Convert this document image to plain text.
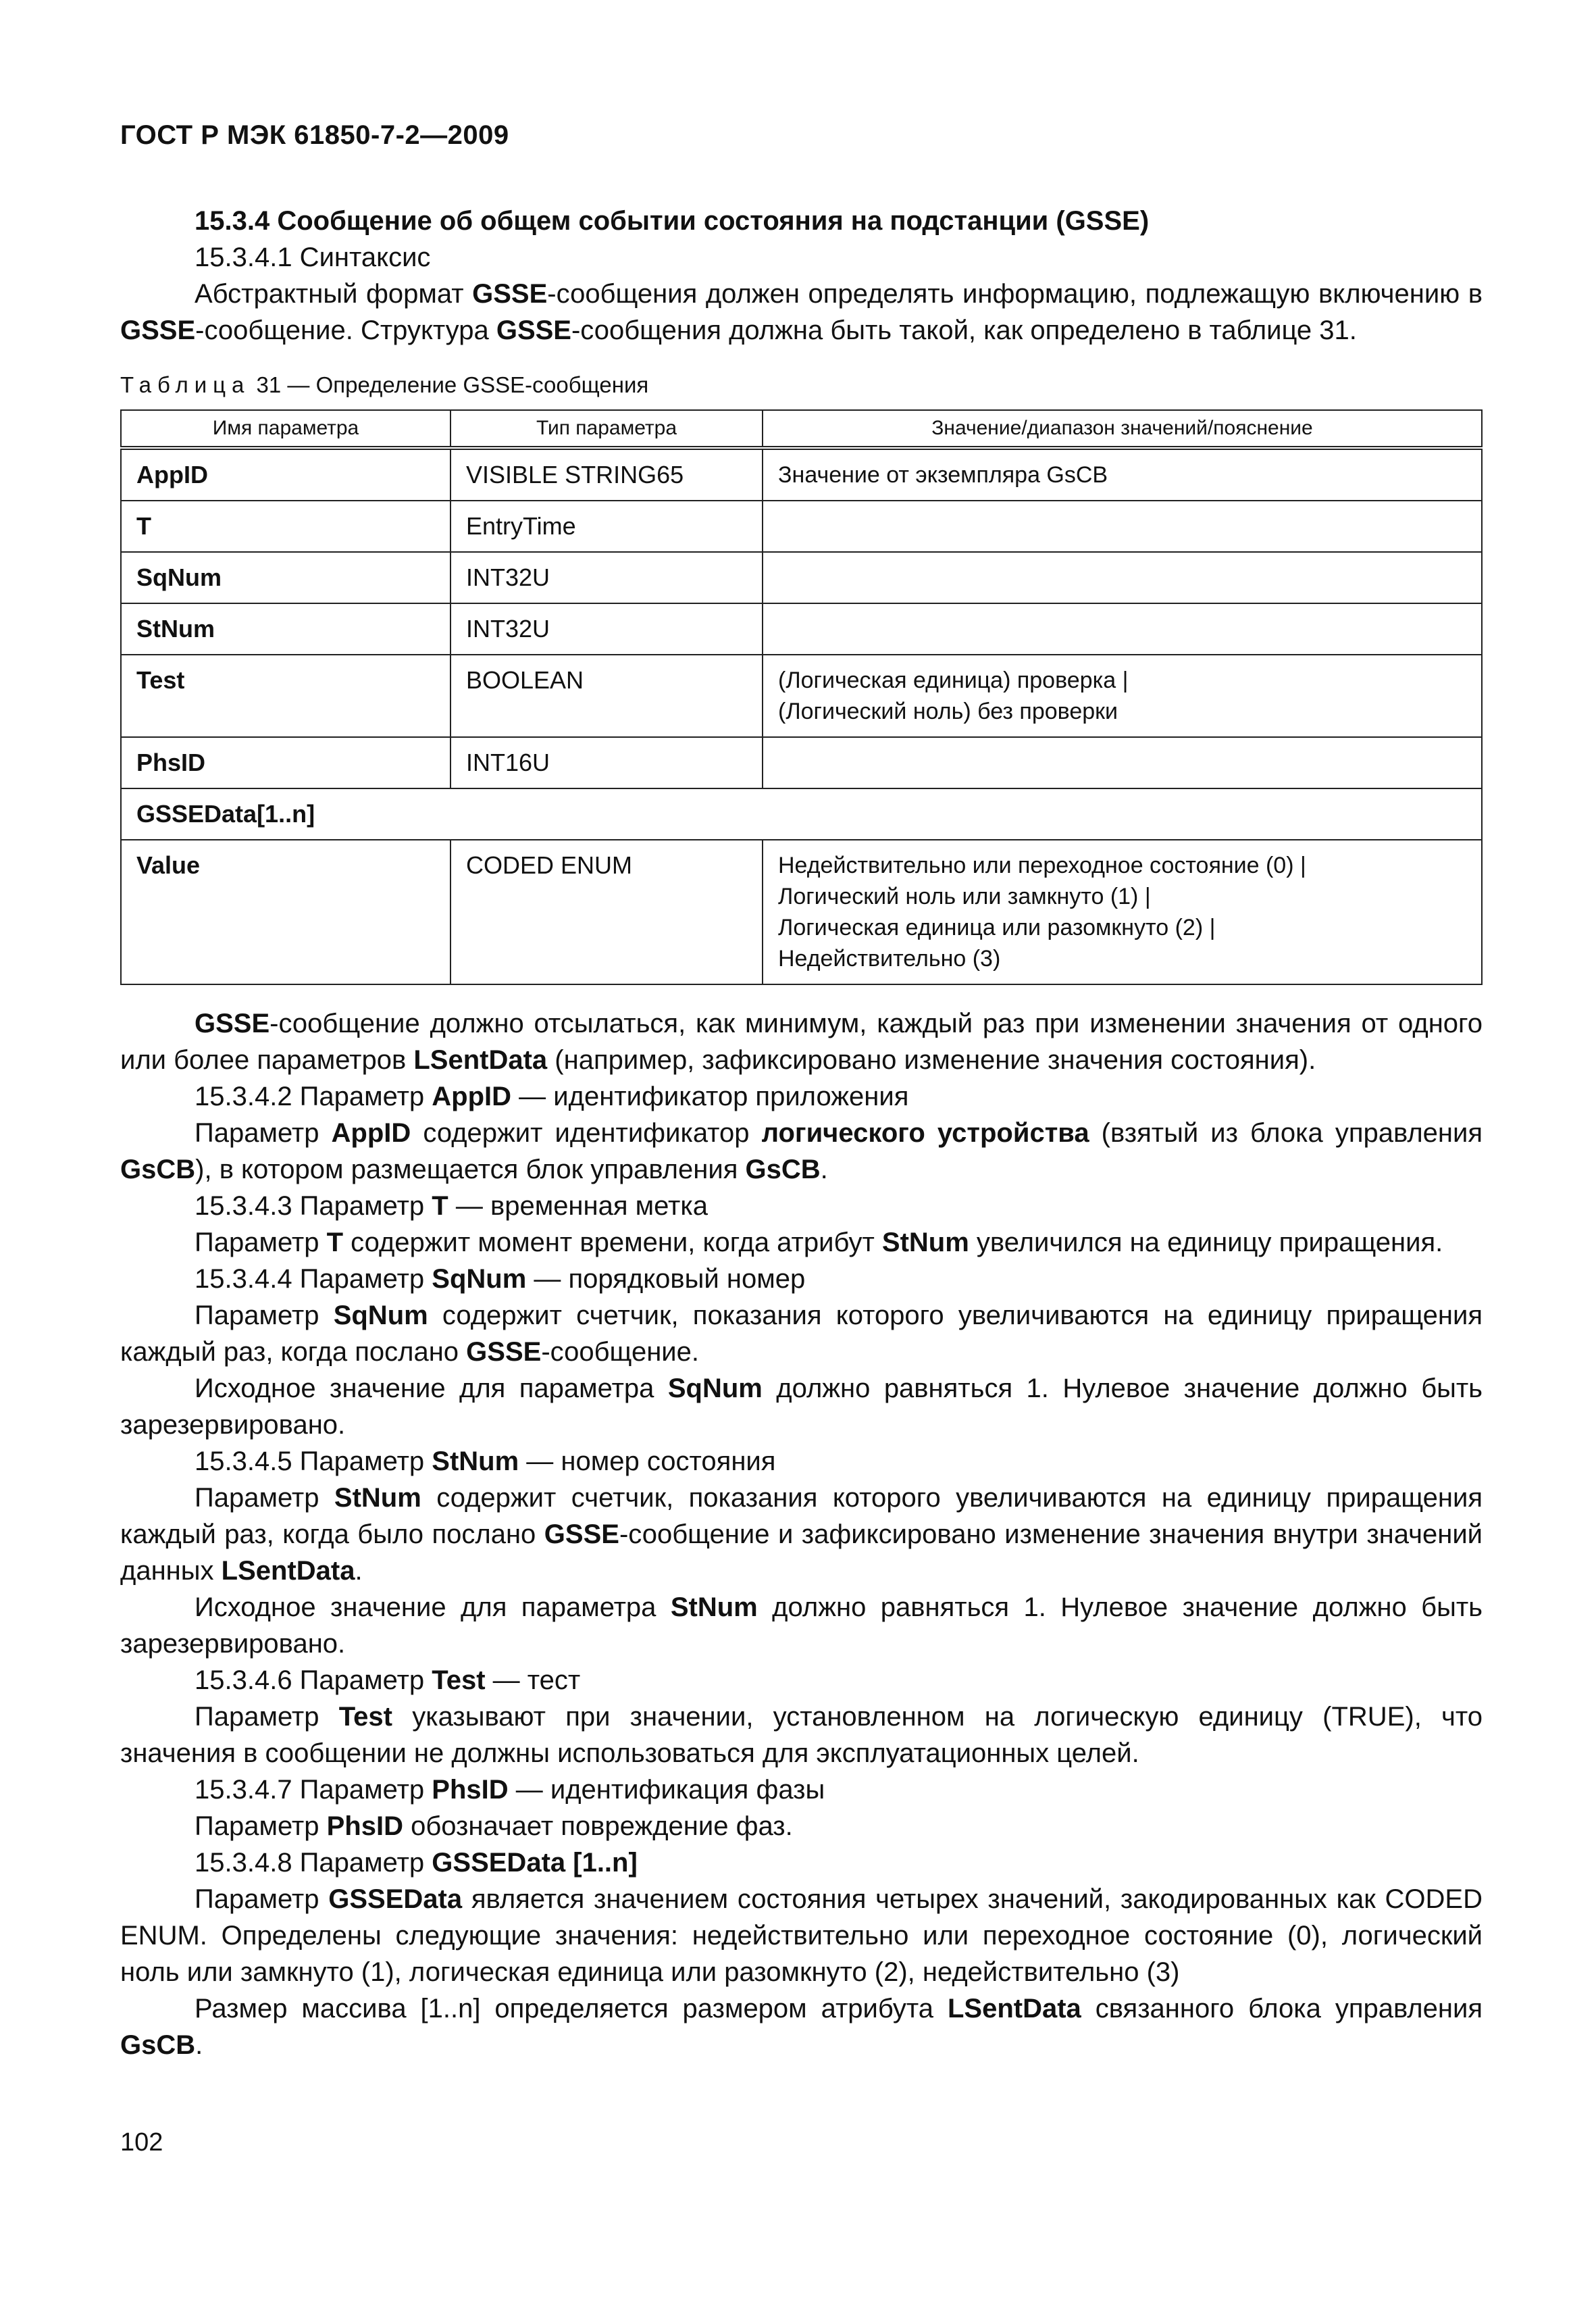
ГОСТ Р МЭК 61850-7-2—2009

15.3.4 Сообщение об общем событии состояния на подстанции (GSSE)

15.3.4.1 Синтаксис

Абстрактный формат GSSE-сообщения должен определять информацию, подлежащую включению в GSSE-сообщение. Структура GSSE-сообщения должна быть такой, как определено в таблице 31.

Таблица 31 — Определение GSSE-сообщения
Имя параметра	Тип параметра	Значение/диапазон значений/пояснение
AppID	VISIBLE STRING65	Значение от экземпляра GsCB

T	EntryTime	
SqNum	INT32U	
StNum	INT32U	
Test	BOOLEAN	(Логическая единица) проверка |
(Логический ноль) без проверки

PhsID	INT16U	
GSSEData[1..n]		
Value	CODED ENUM	Недействительно или переходное состояние (0) |
Логический ноль или замкнуто (1) |
Логическая единица или разомкнуто (2) |
Недействительно (3)

GSSE-сообщение должно отсылаться, как минимум, каждый раз при изменении значения от одного или более параметров LSentData (например, зафиксировано изменение значения состояния).

15.3.4.2 Параметр AppID — идентификатор приложения

Параметр AppID содержит идентификатор логического устройства (взятый из блока управления GsCB), в котором размещается блок управления GsCB.

15.3.4.3 Параметр T — временная метка

Параметр T содержит момент времени, когда атрибут StNum увеличился на единицу приращения.

15.3.4.4 Параметр SqNum — порядковый номер

Параметр SqNum содержит счетчик, показания которого увеличиваются на единицу приращения каждый раз, когда послано GSSE-сообщение.

Исходное значение для параметра SqNum должно равняться 1. Нулевое значение должно быть зарезервировано.

15.3.4.5 Параметр StNum — номер состояния

Параметр StNum содержит счетчик, показания которого увеличиваются на единицу приращения каждый раз, когда было послано GSSE-сообщение и зафиксировано изменение значения внутри значений данных LSentData.

Исходное значение для параметра StNum должно равняться 1. Нулевое значение должно быть зарезервировано.

15.3.4.6 Параметр Test — тест

Параметр Test указывают при значении, установленном на логическую единицу (TRUE), что значения в сообщении не должны использоваться для эксплуатационных целей.

15.3.4.7 Параметр PhsID — идентификация фазы

Параметр PhsID обозначает повреждение фаз.

15.3.4.8 Параметр GSSEData [1..n]

Параметр GSSEData является значением состояния четырех значений, закодированных как CODED ENUM. Определены следующие значения: недействительно или переходное состояние (0), логический ноль или замкнуто (1), логическая единица или разомкнуто (2), недействительно (3)

Размер массива [1..n] определяется размером атрибута LSentData связанного блока управления GsCB.

102
